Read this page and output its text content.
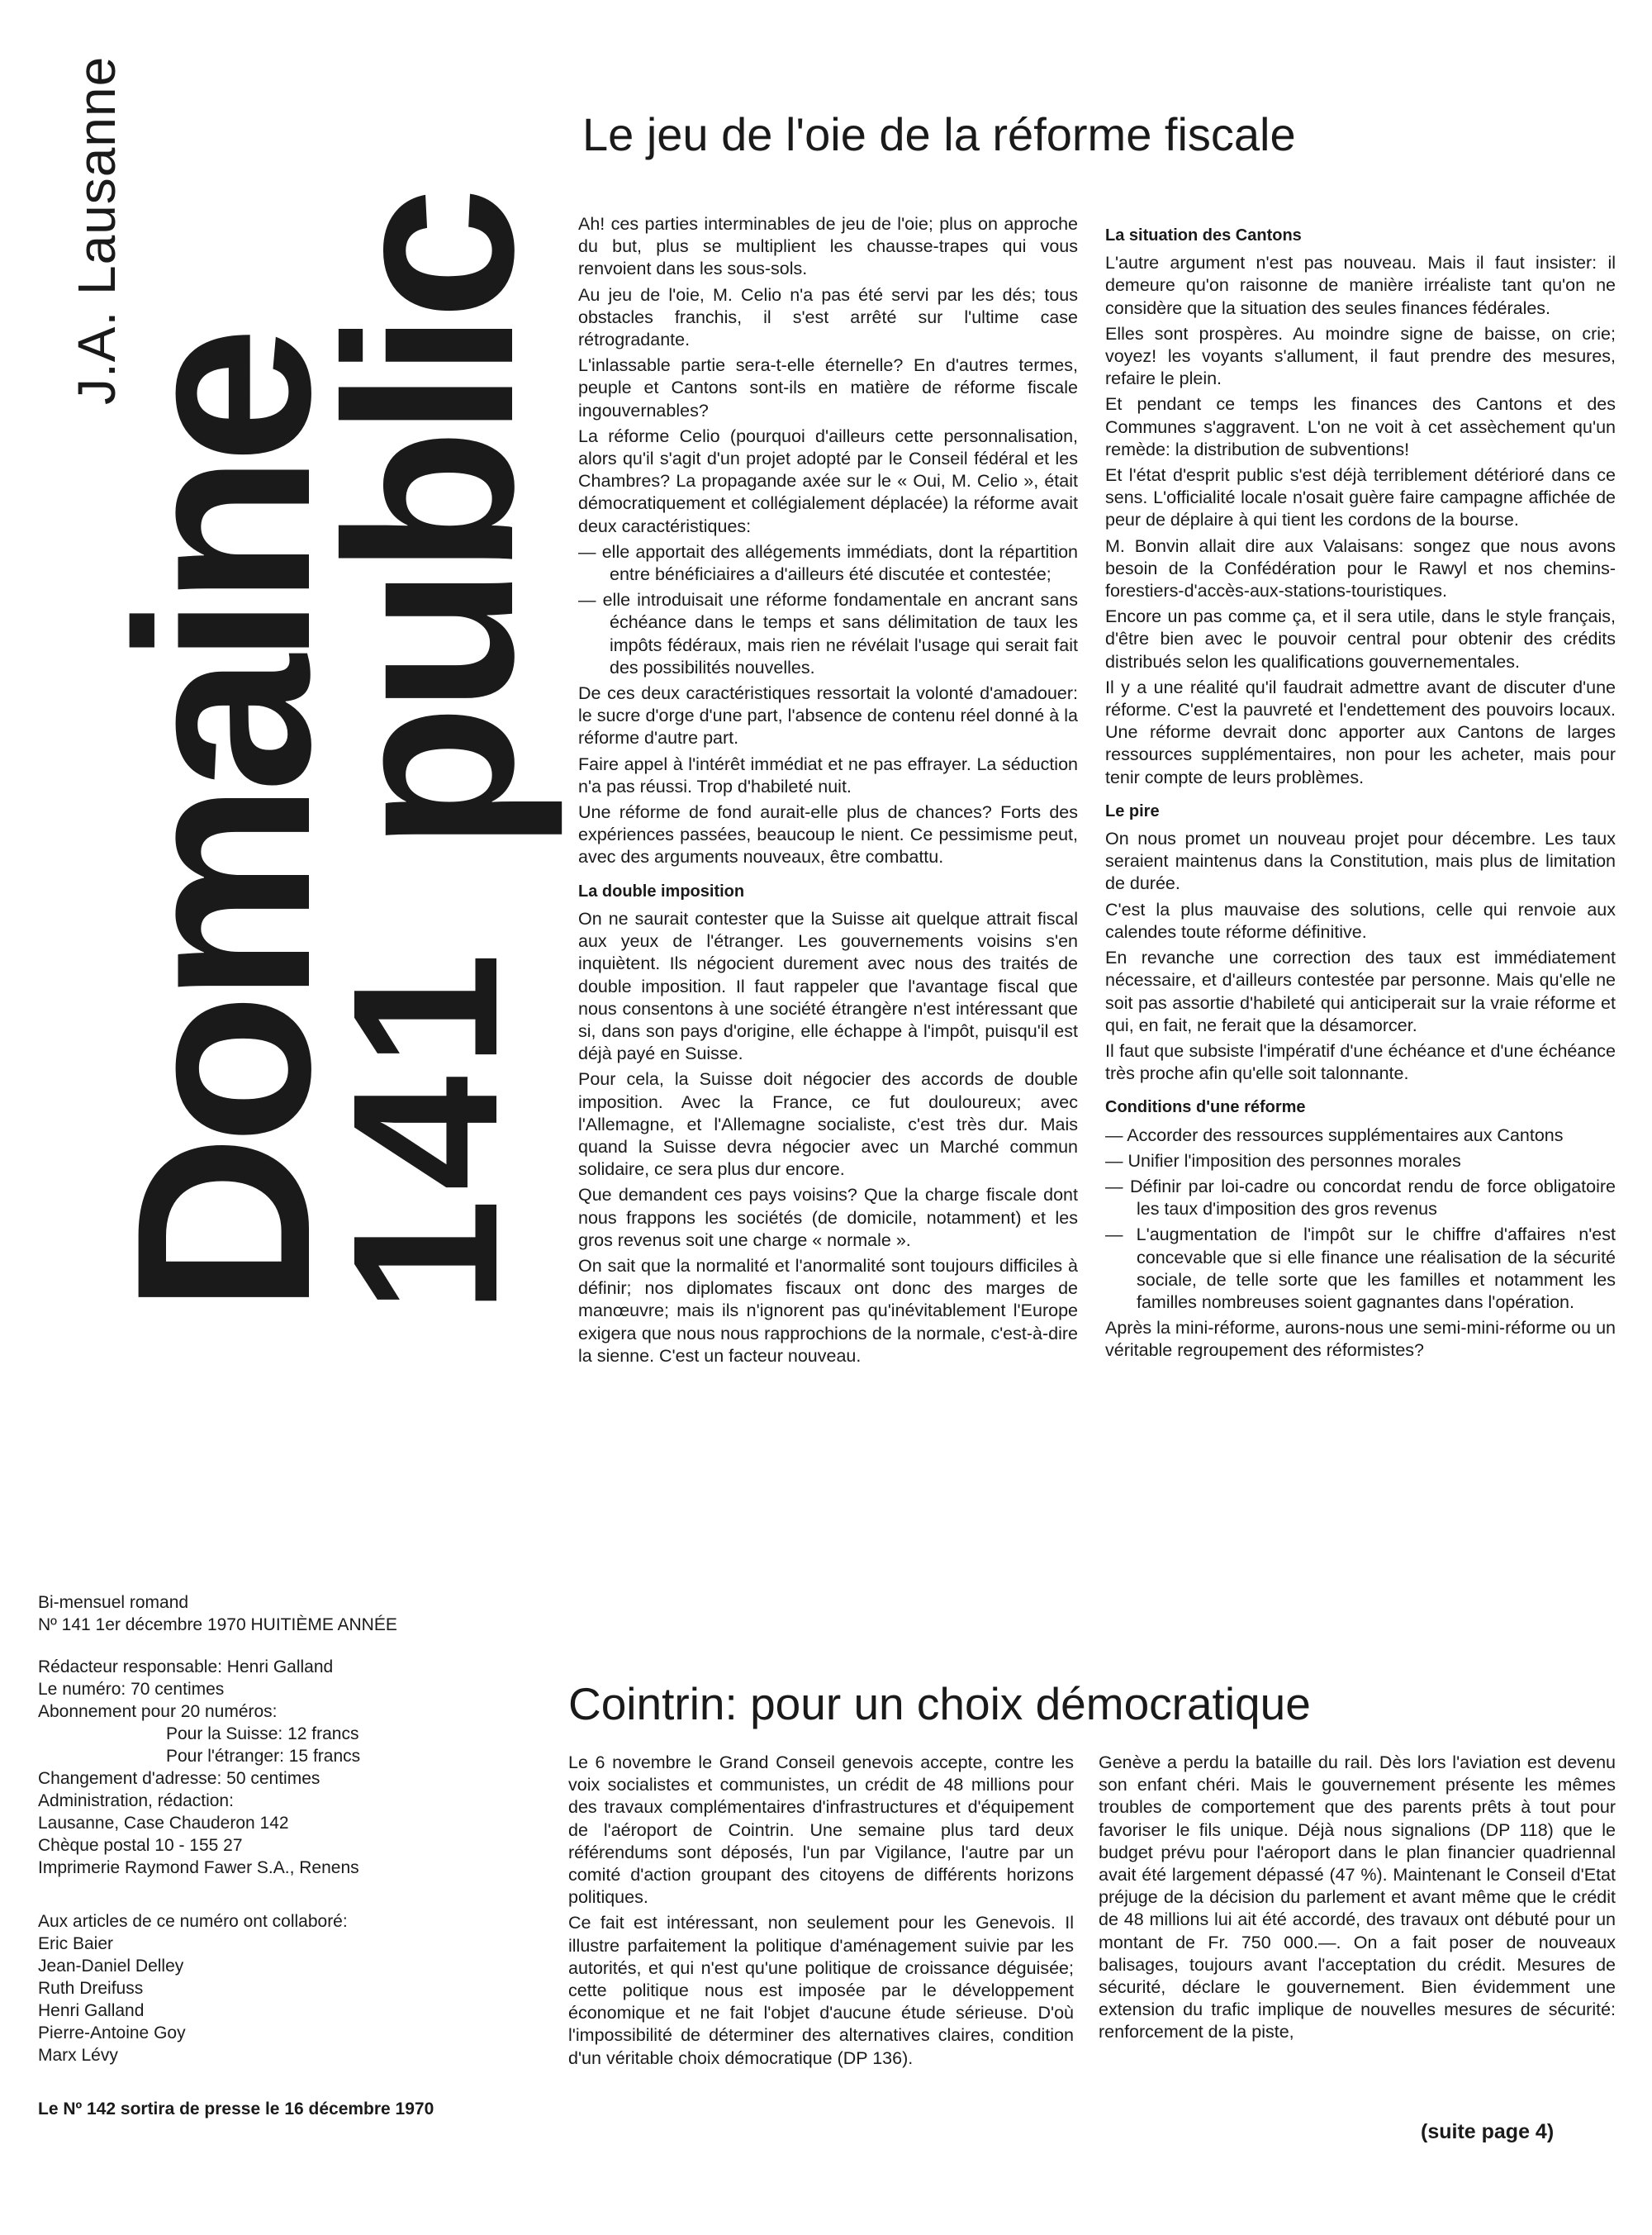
J.A. Lausanne
Domaine
public
141
Le jeu de l'oie de la réforme fiscale

Ah! ces parties interminables de jeu de l'oie; plus on approche du but, plus se multiplient les chausse-trapes qui vous renvoient dans les sous-sols.

Au jeu de l'oie, M. Celio n'a pas été servi par les dés; tous obstacles franchis, il s'est arrêté sur l'ultime case rétrogradante.

L'inlassable partie sera-t-elle éternelle? En d'autres termes, peuple et Cantons sont-ils en matière de réforme fiscale ingouvernables?

La réforme Celio (pourquoi d'ailleurs cette personnalisation, alors qu'il s'agit d'un projet adopté par le Conseil fédéral et les Chambres? La propagande axée sur le « Oui, M. Celio », était démocratiquement et collégialement déplacée) la réforme avait deux caractéristiques:

— elle apportait des allégements immédiats, dont la répartition entre bénéficiaires a d'ailleurs été discutée et contestée;

— elle introduisait une réforme fondamentale en ancrant sans échéance dans le temps et sans délimitation de taux les impôts fédéraux, mais rien ne révélait l'usage qui serait fait des possibilités nouvelles.

De ces deux caractéristiques ressortait la volonté d'amadouer: le sucre d'orge d'une part, l'absence de contenu réel donné à la réforme d'autre part.

Faire appel à l'intérêt immédiat et ne pas effrayer. La séduction n'a pas réussi. Trop d'habileté nuit.

Une réforme de fond aurait-elle plus de chances? Forts des expériences passées, beaucoup le nient. Ce pessimisme peut, avec des arguments nouveaux, être combattu.

La double imposition

On ne saurait contester que la Suisse ait quelque attrait fiscal aux yeux de l'étranger. Les gouvernements voisins s'en inquiètent. Ils négocient durement avec nous des traités de double imposition. Il faut rappeler que l'avantage fiscal que nous consentons à une société étrangère n'est intéressant que si, dans son pays d'origine, elle échappe à l'impôt, puisqu'il est déjà payé en Suisse.

Pour cela, la Suisse doit négocier des accords de double imposition. Avec la France, ce fut douloureux; avec l'Allemagne, et l'Allemagne socialiste, c'est très dur. Mais quand la Suisse devra négocier avec un Marché commun solidaire, ce sera plus dur encore.

Que demandent ces pays voisins? Que la charge fiscale dont nous frappons les sociétés (de domicile, notamment) et les gros revenus soit une charge « normale ».

On sait que la normalité et l'anormalité sont toujours difficiles à définir; nos diplomates fiscaux ont donc des marges de manœuvre; mais ils n'ignorent pas qu'inévitablement l'Europe exigera que nous nous rapprochions de la normale, c'est-à-dire la sienne. C'est un facteur nouveau.

La situation des Cantons

L'autre argument n'est pas nouveau. Mais il faut insister: il demeure qu'on raisonne de manière irréaliste tant qu'on ne considère que la situation des seules finances fédérales.

Elles sont prospères. Au moindre signe de baisse, on crie; voyez! les voyants s'allument, il faut prendre des mesures, refaire le plein.

Et pendant ce temps les finances des Cantons et des Communes s'aggravent. L'on ne voit à cet assèchement qu'un remède: la distribution de subventions!

Et l'état d'esprit public s'est déjà terriblement détérioré dans ce sens. L'officialité locale n'osait guère faire campagne affichée de peur de déplaire à qui tient les cordons de la bourse.

M. Bonvin allait dire aux Valaisans: songez que nous avons besoin de la Confédération pour le Rawyl et nos chemins-forestiers-d'accès-aux-stations-touristiques.

Encore un pas comme ça, et il sera utile, dans le style français, d'être bien avec le pouvoir central pour obtenir des crédits distribués selon les qualifications gouvernementales.

Il y a une réalité qu'il faudrait admettre avant de discuter d'une réforme. C'est la pauvreté et l'endettement des pouvoirs locaux. Une réforme devrait donc apporter aux Cantons de larges ressources supplémentaires, non pour les acheter, mais pour tenir compte de leurs problèmes.

Le pire

On nous promet un nouveau projet pour décembre. Les taux seraient maintenus dans la Constitution, mais plus de limitation de durée.

C'est la plus mauvaise des solutions, celle qui renvoie aux calendes toute réforme définitive.

En revanche une correction des taux est immédiatement nécessaire, et d'ailleurs contestée par personne. Mais qu'elle ne soit pas assortie d'habileté qui anticiperait sur la vraie réforme et qui, en fait, ne ferait que la désamorcer.

Il faut que subsiste l'impératif d'une échéance et d'une échéance très proche afin qu'elle soit talonnante.

Conditions d'une réforme

— Accorder des ressources supplémentaires aux Cantons

— Unifier l'imposition des personnes morales

— Définir par loi-cadre ou concordat rendu de force obligatoire les taux d'imposition des gros revenus

— L'augmentation de l'impôt sur le chiffre d'affaires n'est concevable que si elle finance une réalisation de la sécurité sociale, de telle sorte que les familles et notamment les familles nombreuses soient gagnantes dans l'opération.

Après la mini-réforme, aurons-nous une semi-mini-réforme ou un véritable regroupement des réformistes?

Bi-mensuel romand
Nº 141 1er décembre 1970 HUITIÈME ANNÉE
Rédacteur responsable: Henri Galland
Le numéro: 70 centimes
Abonnement pour 20 numéros:
Pour la Suisse: 12 francs
Pour l'étranger: 15 francs
Changement d'adresse: 50 centimes
Administration, rédaction:
Lausanne, Case Chauderon 142
Chèque postal 10 - 155 27
Imprimerie Raymond Fawer S.A., Renens
Aux articles de ce numéro ont collaboré:
Eric Baier
Jean-Daniel Delley
Ruth Dreifuss
Henri Galland
Pierre-Antoine Goy
Marx Lévy
Le Nº 142 sortira de presse le 16 décembre 1970
Cointrin: pour un choix démocratique

Le 6 novembre le Grand Conseil genevois accepte, contre les voix socialistes et communistes, un crédit de 48 millions pour des travaux complémentaires d'infrastructures et d'équipement de l'aéroport de Cointrin. Une semaine plus tard deux référendums sont déposés, l'un par Vigilance, l'autre par un comité d'action groupant des citoyens de différents horizons politiques.

Ce fait est intéressant, non seulement pour les Genevois. Il illustre parfaitement la politique d'aménagement suivie par les autorités, et qui n'est qu'une politique de croissance déguisée; cette politique nous est imposée par le développement économique et ne fait l'objet d'aucune étude sérieuse. D'où l'impossibilité de déterminer des alternatives claires, condition d'un véritable choix démocratique (DP 136).

Genève a perdu la bataille du rail. Dès lors l'aviation est devenu son enfant chéri. Mais le gouvernement présente les mêmes troubles de comportement que des parents prêts à tout pour favoriser le fils unique. Déjà nous signalions (DP 118) que le budget prévu pour l'aéroport dans le plan financier quadriennal avait été largement dépassé (47 %). Maintenant le Conseil d'Etat préjuge de la décision du parlement et avant même que le crédit de 48 millions lui ait été accordé, des travaux ont débuté pour un montant de Fr. 750 000.—. On a fait poser de nouveaux balisages, toujours avant l'acceptation du crédit. Mesures de sécurité, déclare le gouvernement. Bien évidemment une extension du trafic implique de nouvelles mesures de sécurité: renforcement de la piste,

(suite page 4)
